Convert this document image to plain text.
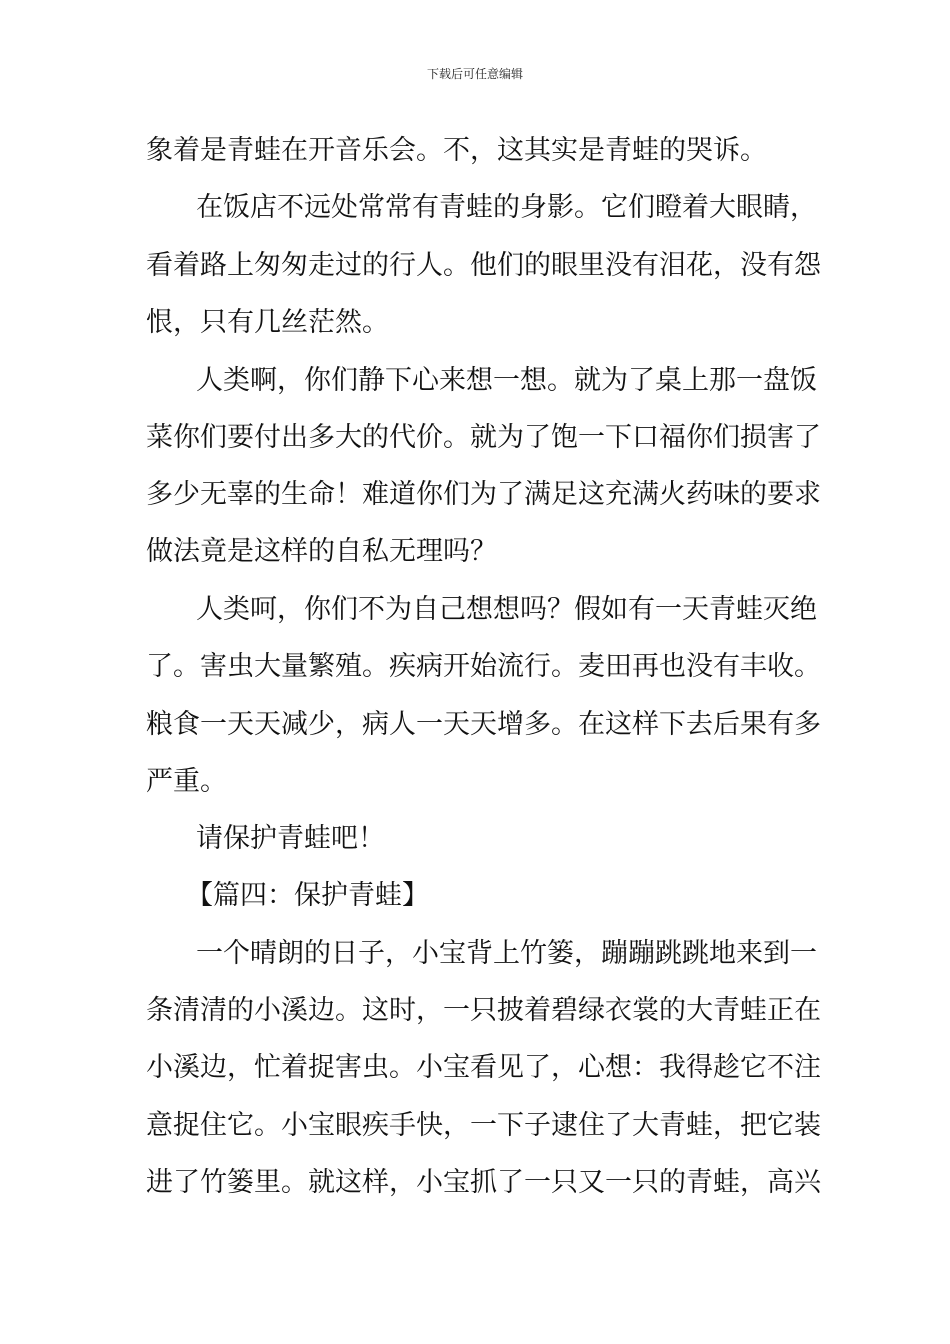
下载后可任意编辑
象着是青蛙在开音乐会。不，这其实是青蛙的哭诉。
在饭店不远处常常有青蛙的身影。它们瞪着大眼睛，
看着路上匆匆走过的行人。他们的眼里没有泪花，没有怨
恨，只有几丝茫然。
人类啊，你们静下心来想一想。就为了桌上那一盘饭
菜你们要付出多大的代价。就为了饱一下口福你们损害了
多少无辜的生命！难道你们为了满足这充满火药味的要求
做法竟是这样的自私无理吗？
人类呵，你们不为自己想想吗？假如有一天青蛙灭绝
了。害虫大量繁殖。疾病开始流行。麦田再也没有丰收。
粮食一天天减少，病人一天天增多。在这样下去后果有多
严重。
请保护青蛙吧！
【篇四：保护青蛙】
一个晴朗的日子，小宝背上竹篓，蹦蹦跳跳地来到一
条清清的小溪边。这时，一只披着碧绿衣裳的大青蛙正在
小溪边，忙着捉害虫。小宝看见了，心想：我得趁它不注
意捉住它。小宝眼疾手快，一下子逮住了大青蛙，把它装
进了竹篓里。就这样，小宝抓了一只又一只的青蛙，高兴
